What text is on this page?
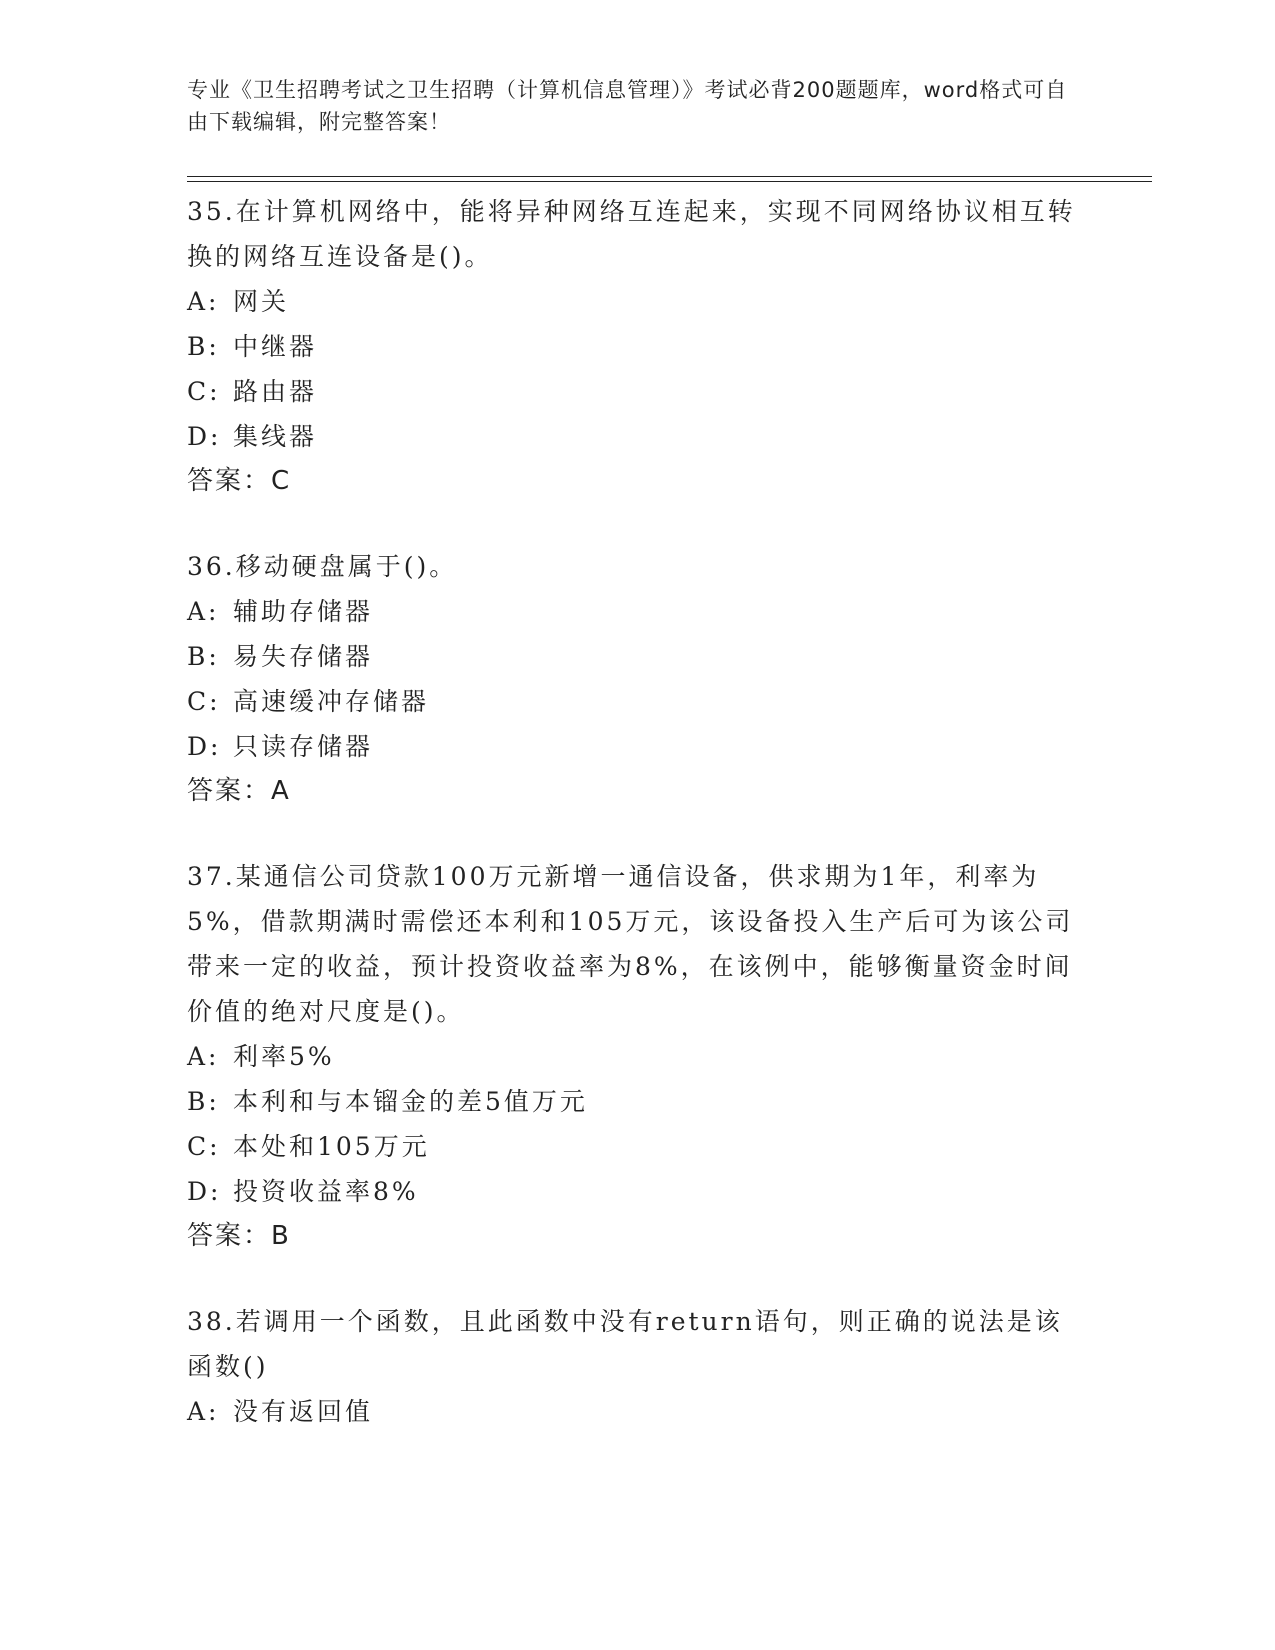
专业《卫生招聘考试之卫生招聘（计算机信息管理）》考试必背200题题库，word格式可自由下载编辑，附完整答案！

35.在计算机网络中，能将异种网络互连起来，实现不同网络协议相互转换的网络互连设备是()。

A: 网关

B: 中继器

C: 路由器

D: 集线器

答案：C

36.移动硬盘属于()。

A: 辅助存储器

B: 易失存储器

C: 高速缓冲存储器

D: 只读存储器

答案：A

37.某通信公司贷款100万元新增一通信设备，供求期为1年，利率为5%，借款期满时需偿还本利和105万元，该设备投入生产后可为该公司带来一定的收益，预计投资收益率为8%，在该例中，能够衡量资金时间价值的绝对尺度是()。

A: 利率5%

B: 本利和与本镏金的差5值万元

C: 本处和105万元

D: 投资收益率8%

答案：B

38.若调用一个函数，且此函数中没有return语句，则正确的说法是该函数()

A: 没有返回值
